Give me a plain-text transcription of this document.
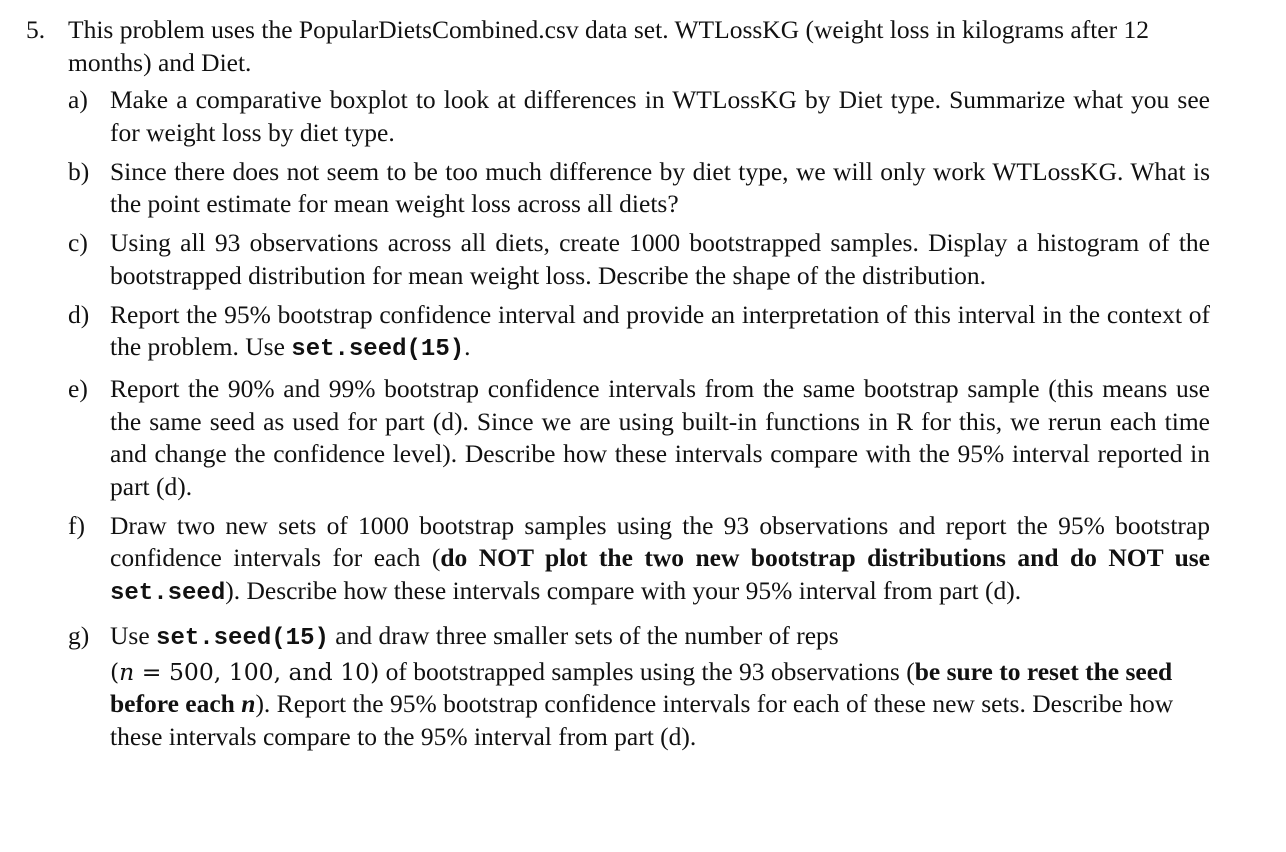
5. This problem uses the PopularDietsCombined.csv data set. WTLossKG (weight loss in kilograms after 12 months) and Diet.
a) Make a comparative boxplot to look at differences in WTLossKG by Diet type. Summarize what you see for weight loss by diet type.
b) Since there does not seem to be too much difference by diet type, we will only work WTLossKG. What is the point estimate for mean weight loss across all diets?
c) Using all 93 observations across all diets, create 1000 bootstrapped samples. Display a histogram of the bootstrapped distribution for mean weight loss. Describe the shape of the distribution.
d) Report the 95% bootstrap confidence interval and provide an interpretation of this interval in the context of the problem. Use set.seed(15).
e) Report the 90% and 99% bootstrap confidence intervals from the same bootstrap sample (this means use the same seed as used for part (d). Since we are using built-in functions in R for this, we rerun each time and change the confidence level). Describe how these intervals compare with the 95% interval reported in part (d).
f) Draw two new sets of 1000 bootstrap samples using the 93 observations and report the 95% bootstrap confidence intervals for each (do NOT plot the two new bootstrap distributions and do NOT use set.seed). Describe how these intervals compare with your 95% interval from part (d).
g) Use set.seed(15) and draw three smaller sets of the number of reps
(n = 500, 100, and 10) of bootstrapped samples using the 93 observations (be sure to reset the seed before each n). Report the 95% bootstrap confidence intervals for each of these new sets. Describe how these intervals compare to the 95% interval from part (d).
